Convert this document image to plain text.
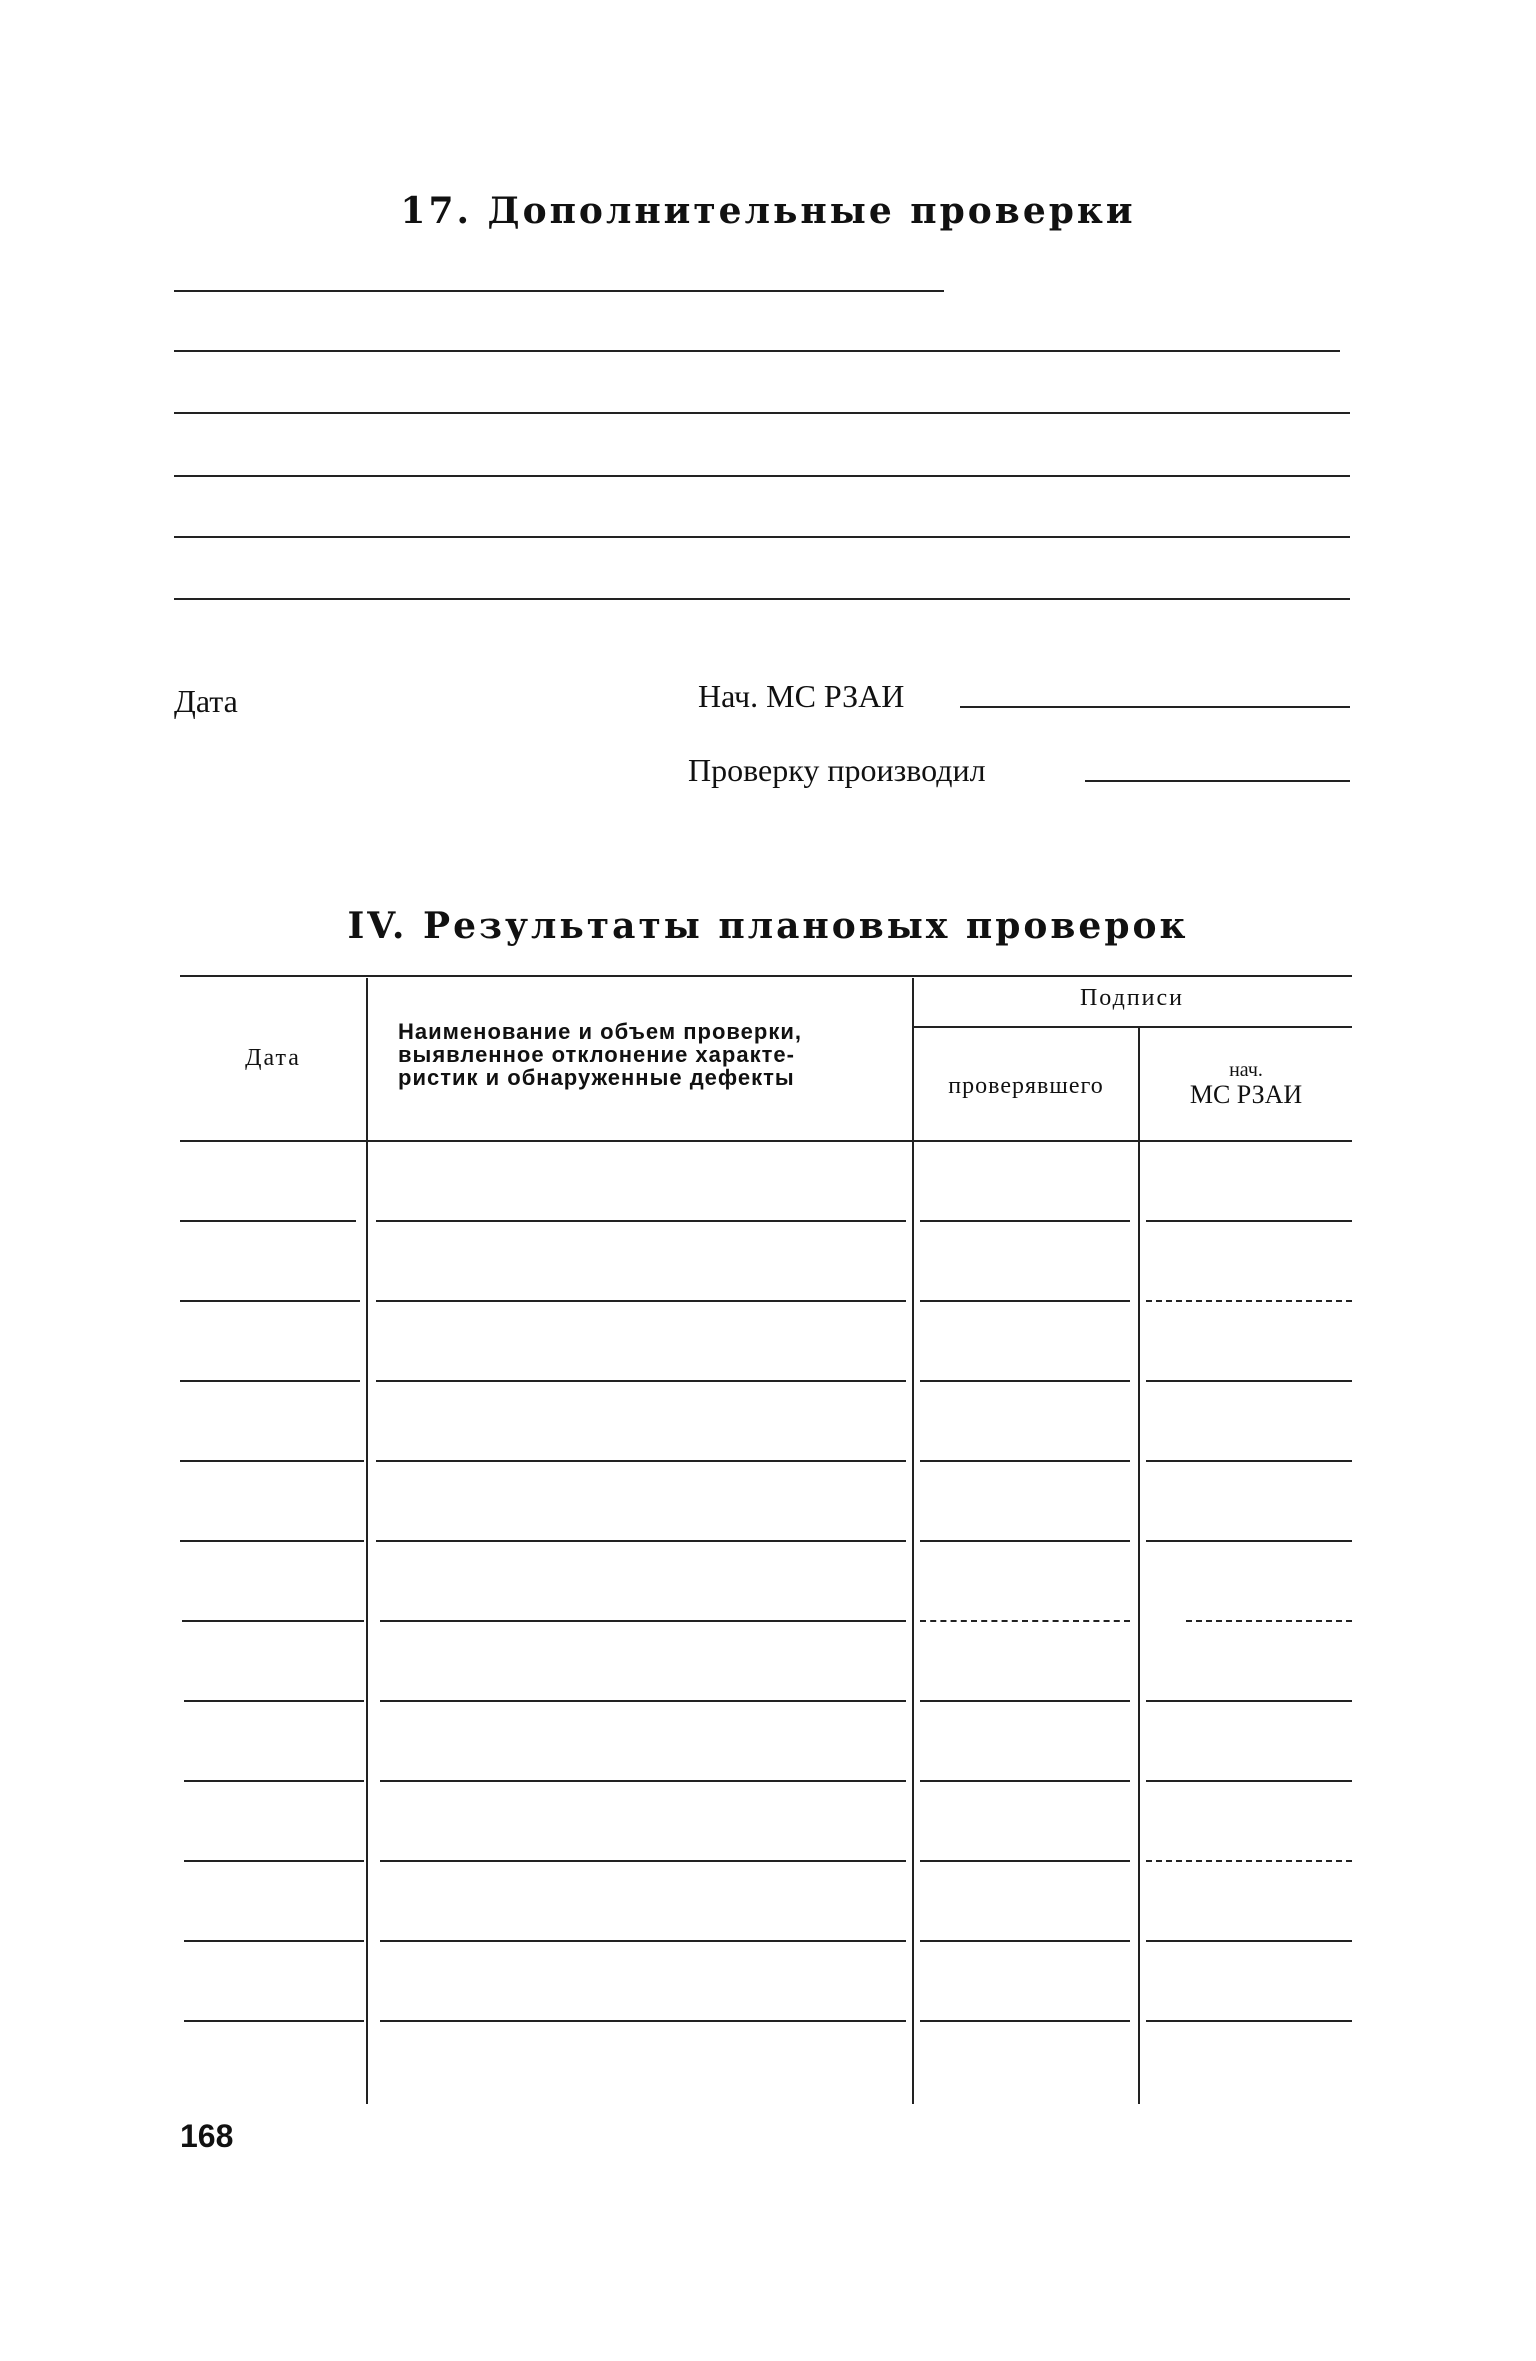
17. Дополнительные проверки
Дата	Нач. МС РЗАИ
Проверку производил
IV. Результаты плановых проверок
Дата
Наименование и объем проверки,
выявленное отклонение характе-
ристик и обнаруженные дефекты
Подписи
проверявшего
нач.
МС РЗАИ
168
